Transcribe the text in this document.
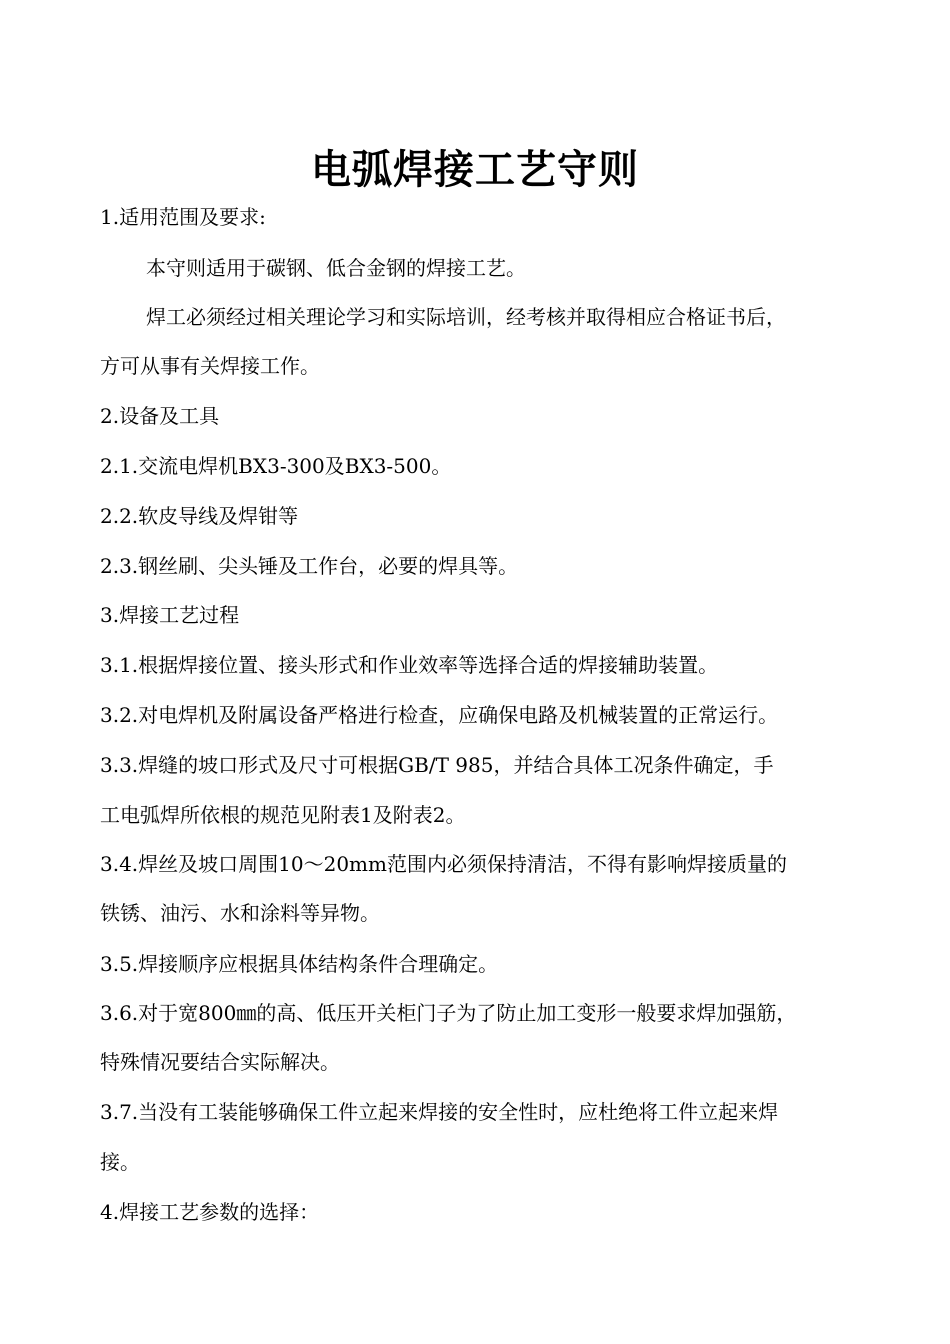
电弧焊接工艺守则
1.适用范围及要求:
本守则适用于碳钢、低合金钢的焊接工艺。
焊工必须经过相关理论学习和实际培训，经考核并取得相应合格证书后，
方可从事有关焊接工作。
2.设备及工具
2.1.交流电焊机BX3-300及BX3-500。
2.2.软皮导线及焊钳等
2.3.钢丝刷、尖头锤及工作台，必要的焊具等。
3.焊接工艺过程
3.1.根据焊接位置、接头形式和作业效率等选择合适的焊接辅助装置。
3.2.对电焊机及附属设备严格进行检查，应确保电路及机械装置的正常运行。
3.3.焊缝的坡口形式及尺寸可根据GB/T 985，并结合具体工况条件确定，手
工电弧焊所依根的规范见附表1及附表2。
3.4.焊丝及坡口周围10～20mm范围内必须保持清洁，不得有影响焊接质量的
铁锈、油污、水和涂料等异物。
3.5.焊接顺序应根据具体结构条件合理确定。
3.6.对于宽800㎜的高、低压开关柜门子为了防止加工变形一般要求焊加强筋，
特殊情况要结合实际解决。
3.7.当没有工装能够确保工件立起来焊接的安全性时，应杜绝将工件立起来焊
接。
4.焊接工艺参数的选择：
